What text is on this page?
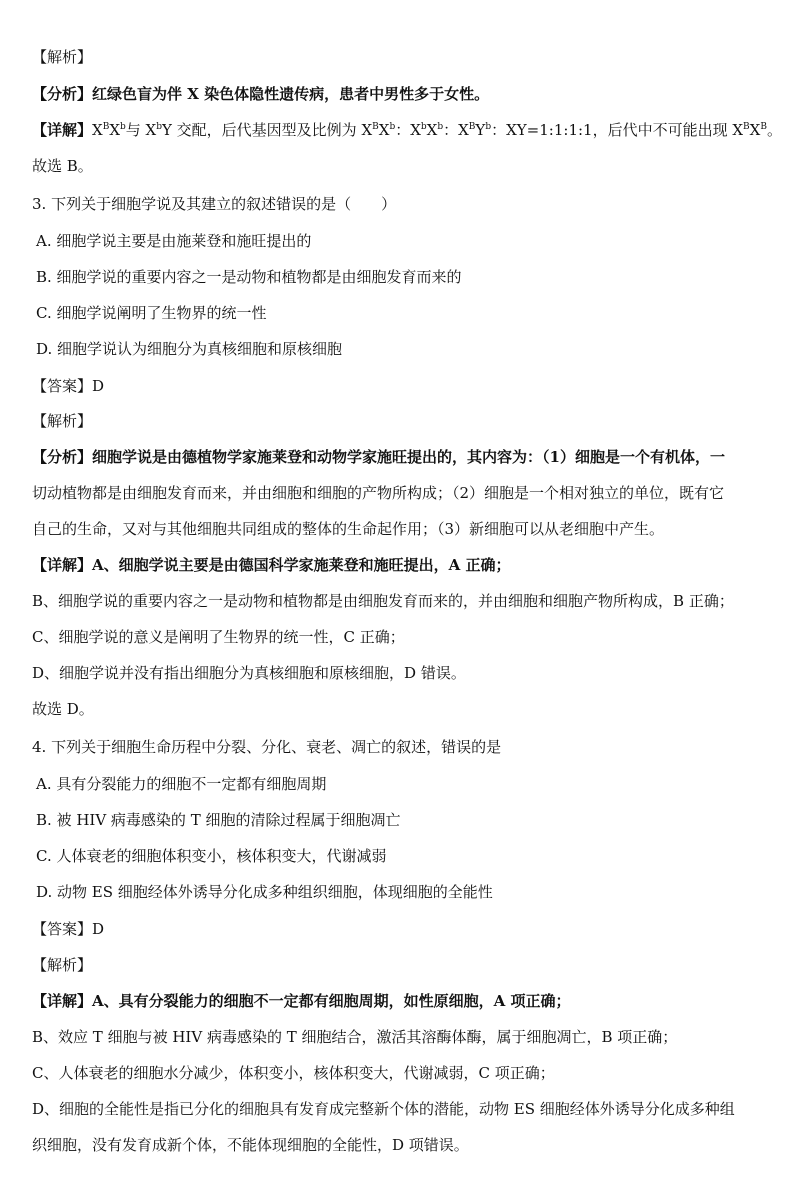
【解析】
【分析】红绿色盲为伴 X 染色体隐性遗传病，患者中男性多于女性。
【详解】$X^BX^b$与 $X^bY$ 交配，后代基因型及比例为 $X^BX^b$：$X^bX^b$：$X^BY^b$：XY=1:1:1:1，后代中不可能出现 $X^BX^B$。
故选 B。
3. 下列关于细胞学说及其建立的叙述错误的是（　　）
A. 细胞学说主要是由施莱登和施旺提出的
B. 细胞学说的重要内容之一是动物和植物都是由细胞发育而来的
C. 细胞学说阐明了生物界的统一性
D. 细胞学说认为细胞分为真核细胞和原核细胞
【答案】D
【解析】
【分析】细胞学说是由德植物学家施莱登和动物学家施旺提出的，其内容为：（1）细胞是一个有机体，一
切动植物都是由细胞发育而来，并由细胞和细胞的产物所构成；（2）细胞是一个相对独立的单位，既有它
自己的生命，又对与其他细胞共同组成的整体的生命起作用；（3）新细胞可以从老细胞中产生。
【详解】A、细胞学说主要是由德国科学家施莱登和施旺提出，A 正确；
B、细胞学说的重要内容之一是动物和植物都是由细胞发育而来的，并由细胞和细胞产物所构成，B 正确；
C、细胞学说的意义是阐明了生物界的统一性，C 正确；
D、细胞学说并没有指出细胞分为真核细胞和原核细胞，D 错误。
故选 D。
4. 下列关于细胞生命历程中分裂、分化、衰老、凋亡的叙述，错误的是
A. 具有分裂能力的细胞不一定都有细胞周期
B. 被 HIV 病毒感染的 T 细胞的清除过程属于细胞凋亡
C. 人体衰老的细胞体积变小，核体积变大，代谢减弱
D. 动物 ES 细胞经体外诱导分化成多种组织细胞，体现细胞的全能性
【答案】D
【解析】
【详解】A、具有分裂能力的细胞不一定都有细胞周期，如性原细胞，A 项正确；
B、效应 T 细胞与被 HIV 病毒感染的 T 细胞结合，激活其溶酶体酶，属于细胞凋亡，B 项正确；
C、人体衰老的细胞水分减少，体积变小，核体积变大，代谢减弱，C 项正确；
D、细胞的全能性是指已分化的细胞具有发育成完整新个体的潜能，动物 ES 细胞经体外诱导分化成多种组
织细胞，没有发育成新个体，不能体现细胞的全能性，D 项错误。
